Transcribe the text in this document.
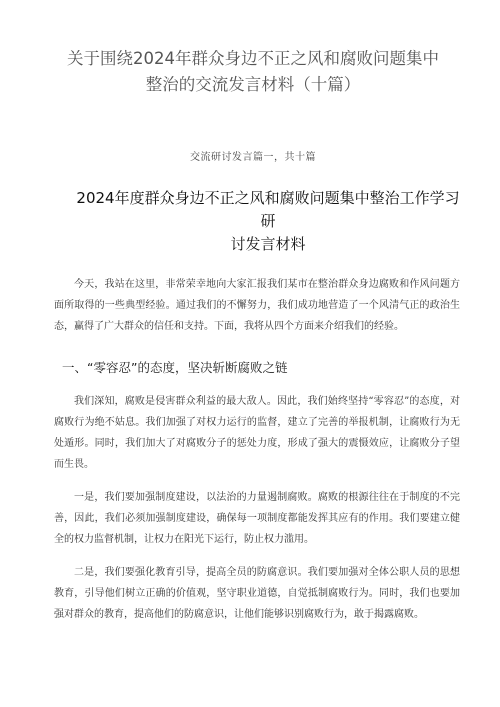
关于围绕2024年群众身边不正之风和腐败问题集中
整治的交流发言材料（十篇）
交流研讨发言篇一，共十篇
2024年度群众身边不正之风和腐败问题集中整治工作学习研
讨发言材料

今天，我站在这里，非常荣幸地向大家汇报我们某市在整治群众身边腐败和作风问题方面所取得的一些典型经验。通过我们的不懈努力，我们成功地营造了一个风清气正的政治生态，赢得了广大群众的信任和支持。下面，我将从四个方面来介绍我们的经验。

一、“零容忍”的态度，坚决斩断腐败之链

我们深知，腐败是侵害群众利益的最大敌人。因此，我们始终坚持“零容忍”的态度，对腐败行为绝不姑息。我们加强了对权力运行的监督，建立了完善的举报机制，让腐败行为无处遁形。同时，我们加大了对腐败分子的惩处力度，形成了强大的震慑效应，让腐败分子望而生畏。

一是，我们要加强制度建设，以法治的力量遏制腐败。腐败的根源往往在于制度的不完善，因此，我们必须加强制度建设，确保每一项制度都能发挥其应有的作用。我们要建立健全的权力监督机制，让权力在阳光下运行，防止权力滥用。

二是，我们要强化教育引导，提高全员的防腐意识。我们要加强对全体公职人员的思想教育，引导他们树立正确的价值观，坚守职业道德，自觉抵制腐败行为。同时，我们也要加强对群众的教育，提高他们的防腐意识，让他们能够识别腐败行为，敢于揭露腐败。
